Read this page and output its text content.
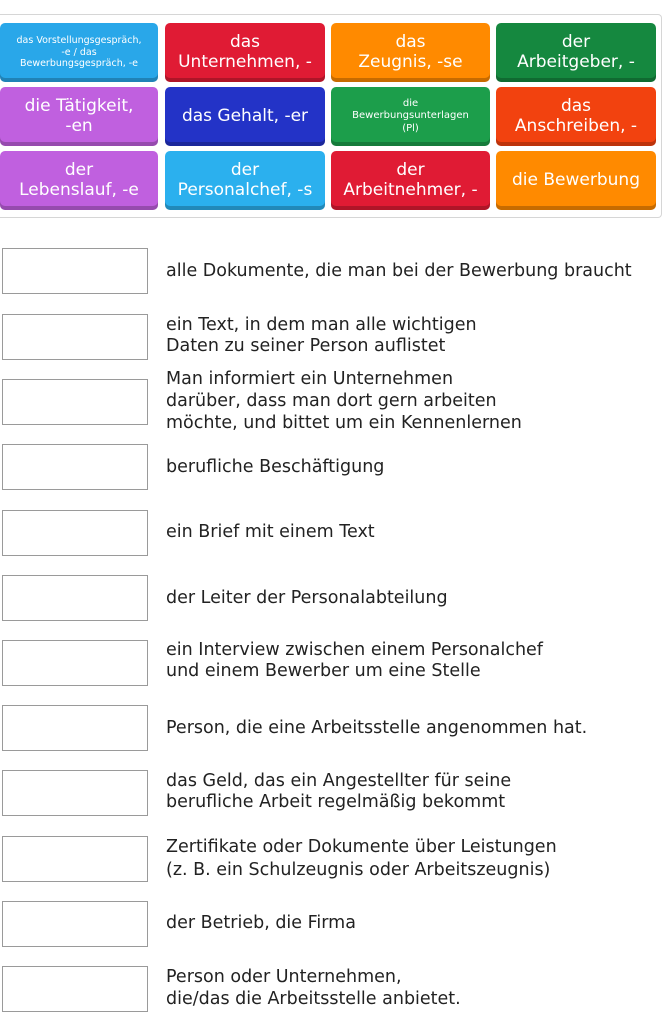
das Vorstellungsgespräch,
-e / das
Bewerbungsgespräch, -e
das
Unternehmen, -
das
Zeugnis, -se
der
Arbeitgeber, -
die Tätigkeit,
-en	das Gehalt, -er
die
Bewerbungsunterlagen
(Pl)
das
Anschreiben, -
der
Lebenslauf, -e
der
Personalchef, -s
der
Arbeitnehmer, - die Bewerbung
alle Dokumente, die man bei der Bewerbung braucht
ein Text, in dem man alle wichtigen
Daten zu seiner Person auflistet
Man informiert ein Unternehmen
darüber, dass man dort gern arbeiten
möchte, und bittet um ein Kennenlernen
berufliche Beschäftigung
ein Brief mit einem Text
der Leiter der Personalabteilung
ein Interview zwischen einem Personalchef
und einem Bewerber um eine Stelle
Person, die eine Arbeitsstelle angenommen hat.
das Geld, das ein Angestellter für seine
berufliche Arbeit regelmäßig bekommt
Zertifikate oder Dokumente über Leistungen
(z. B. ein Schulzeugnis oder Arbeitszeugnis)
der Betrieb, die Firma
Person oder Unternehmen,
die/das die Arbeitsstelle anbietet.
